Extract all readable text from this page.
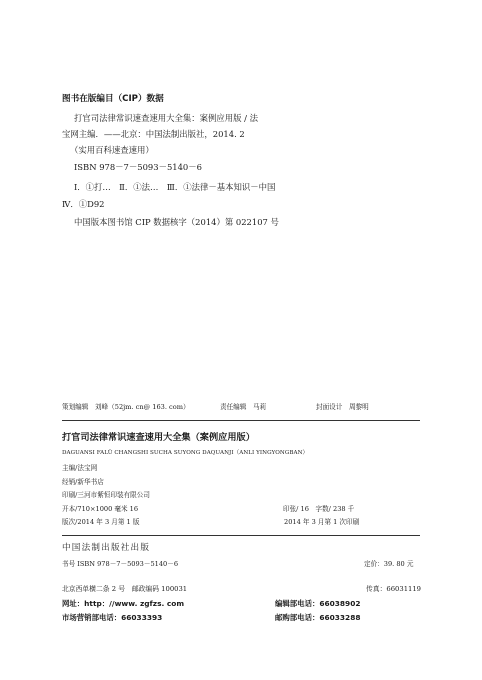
图书在版编目（CIP）数据
打官司法律常识速查速用大全集：案例应用版 / 法
宝网主编．——北京：中国法制出版社，2014. 2
（实用百科速查速用）
ISBN 978－7－5093－5140－6
Ⅰ．①打…　Ⅱ．①法…　Ⅲ．①法律－基本知识－中国
Ⅳ．①D92
中国版本图书馆 CIP 数据核字（2014）第 022107 号
策划编辑　刘峰（52jm. cn@ 163. com）	责任编辑　马莉	封面设计　周黎明
打官司法律常识速查速用大全集（案例应用版）
DAGUANSI FALÜ CHANGSHI SUCHA SUYONG DAQUANJI（ANLI YINGYONGBAN）
主编/法宝网
经销/新华书店
印刷/三河市紫恒印装有限公司
开本/710×1000 毫米 16	印张/ 16　字数/ 238 千
版次/2014 年 3 月第 1 版	2014 年 3 月第 1 次印刷
中国法制出版社出版
书号 ISBN 978－7－5093－5140－6	定价：39. 80 元
北京西单横二条 2 号　邮政编码 100031	传真：66031119
网址：http：//www. zgfzs. com	编辑部电话：66038902
市场营销部电话：66033393	邮购部电话：66033288
